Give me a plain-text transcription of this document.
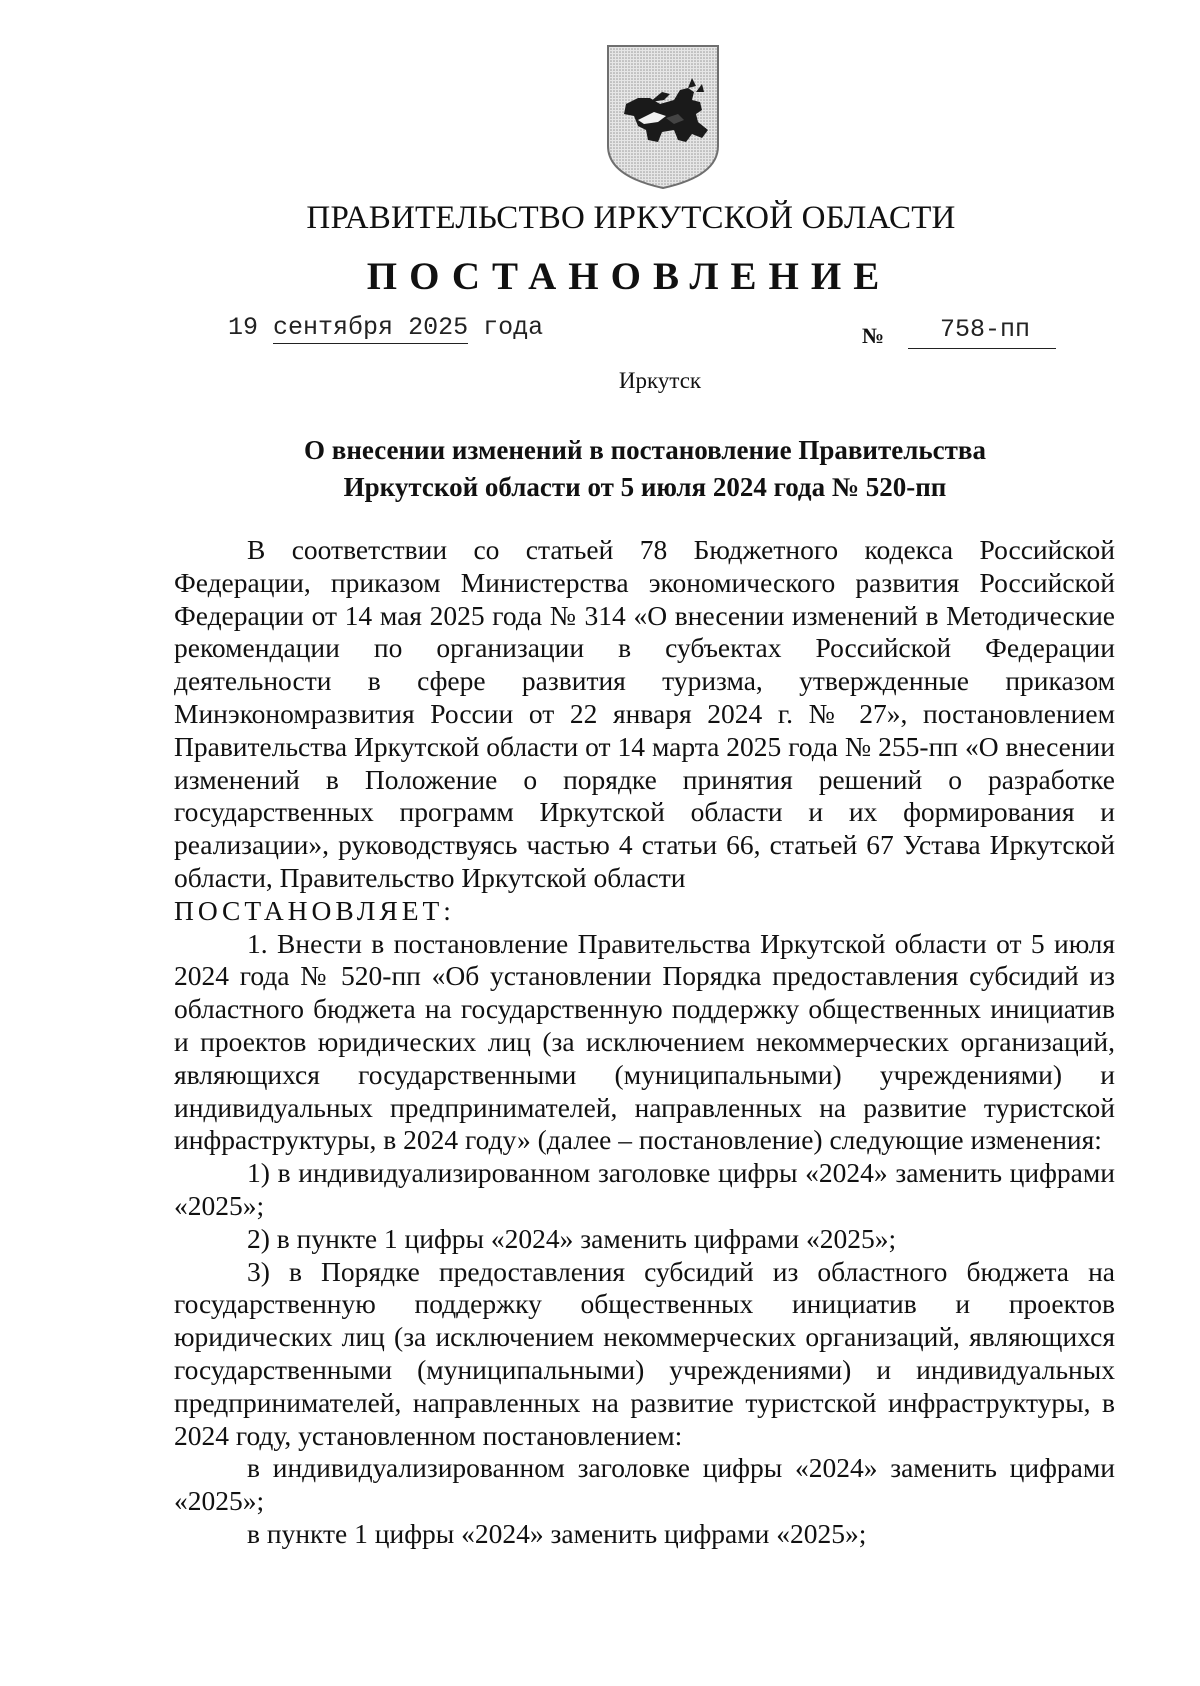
ПРАВИТЕЛЬСТВО ИРКУТСКОЙ ОБЛАСТИ
ПОСТАНОВЛЕНИЕ
19 сентября 2025 года	№	758-пп
Иркутск
О внесении изменений в постановление Правительства
Иркутской области от 5 июля 2024 года № 520-пп

В соответствии со статьей 78 Бюджетного кодекса Российской Федерации, приказом Министерства экономического развития Российской Федерации от 14 мая 2025 года № 314 «О внесении изменений в Методические рекомендации по организации в субъектах Российской Федерации деятельности в сфере развития туризма, утвержденные приказом Минэкономразвития России от 22 января 2024 г. № 27», постановлением Правительства Иркутской области от 14 марта 2025 года № 255-пп «О внесении изменений в Положение о порядке принятия решений о разработке государственных программ Иркутской области и их формирования и реализации», руководствуясь частью 4 статьи 66, статьей 67 Устава Иркутской области, Правительство Иркутской области

ПОСТАНОВЛЯЕТ:

1. Внести в постановление Правительства Иркутской области от 5 июля 2024 года № 520-пп «Об установлении Порядка предоставления субсидий из областного бюджета на государственную поддержку общественных инициатив и проектов юридических лиц (за исключением некоммерческих организаций, являющихся государственными (муниципальными) учреждениями) и индивидуальных предпринимателей, направленных на развитие туристской инфраструктуры, в 2024 году» (далее – постановление) следующие изменения:

1) в индивидуализированном заголовке цифры «2024» заменить цифрами «2025»;

2) в пункте 1 цифры «2024» заменить цифрами «2025»;

3) в Порядке предоставления субсидий из областного бюджета на государственную поддержку общественных инициатив и проектов юридических лиц (за исключением некоммерческих организаций, являющихся государственными (муниципальными) учреждениями) и индивидуальных предпринимателей, направленных на развитие туристской инфраструктуры, в 2024 году, установленном постановлением:

в индивидуализированном заголовке цифры «2024» заменить цифрами «2025»;

в пункте 1 цифры «2024» заменить цифрами «2025»;
